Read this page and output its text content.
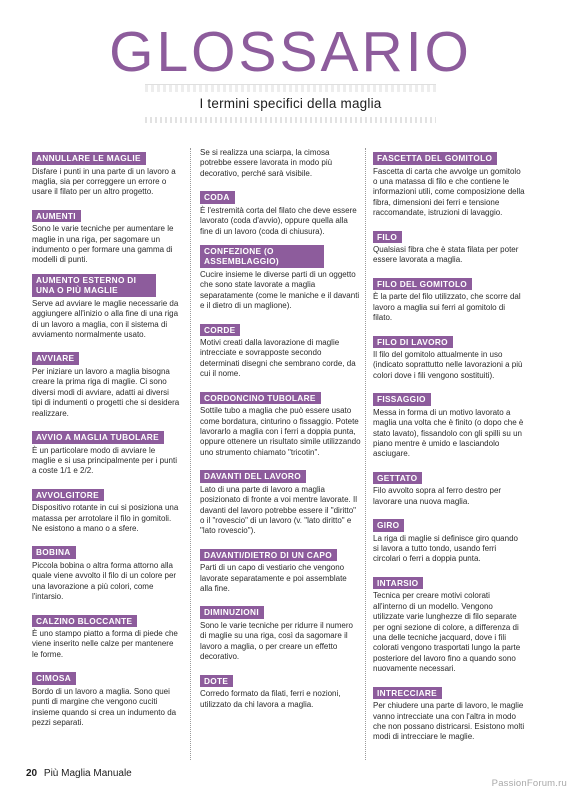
GLOSSARIO
I termini specifici della maglia
ANNULLARE LE MAGLIE
Disfare i punti in una parte di un lavoro a maglia, sia per correggere un errore o usare il filato per un altro progetto.
AUMENTI
Sono le varie tecniche per aumentare le maglie in una riga, per sagomare un indumento o per formare una gamma di modelli di punti.
AUMENTO ESTERNO DI UNA O PIÙ MAGLIE
Serve ad avviare le maglie necessarie da aggiungere all'inizio o alla fine di una riga di un lavoro a maglia, con il sistema di avviamento normalmente usato.
AVVIARE
Per iniziare un lavoro a maglia bisogna creare la prima riga di maglie. Ci sono diversi modi di avviare, adatti ai diversi tipi di indumenti o progetti che si desidera realizzare.
AVVIO A MAGLIA TUBOLARE
È un particolare modo di avviare le maglie e si usa principalmente per i punti a coste 1/1 e 2/2.
AVVOLGITORE
Dispositivo rotante in cui si posiziona una matassa per arrotolare il filo in gomitoli. Ne esistono a mano o a sfere.
BOBINA
Piccola bobina o altra forma attorno alla quale viene avvolto il filo di un colore per una lavorazione a più colori, come l'intarsio.
CALZINO BLOCCANTE
È uno stampo piatto a forma di piede che viene inserito nelle calze per mantenere le forme.
CIMOSA
Bordo di un lavoro a maglia. Sono quei punti di margine che vengono cuciti insieme quando si crea un indumento da pezzi separati.
Se si realizza una sciarpa, la cimosa potrebbe essere lavorata in modo più decorativo, perché sarà visibile.
CODA
È l'estremità corta del filato che deve essere lavorato (coda d'avvio), oppure quella alla fine di un lavoro (coda di chiusura).
CONFEZIONE (O ASSEMBLAGGIO)
Cucire insieme le diverse parti di un oggetto che sono state lavorate a maglia separatamente (come le maniche e il davanti e il dietro di un maglione).
CORDE
Motivi creati dalla lavorazione di maglie intrecciate e sovrapposte secondo determinati disegni che sembrano corde, da cui il nome.
CORDONCINO TUBOLARE
Sottile tubo a maglia che può essere usato come bordatura, cinturino o fissaggio. Potete lavorarlo a maglia con i ferri a doppia punta, oppure ottenere un risultato simile utilizzando uno strumento chiamato "tricotin".
DAVANTI DEL LAVORO
Lato di una parte di lavoro a maglia posizionato di fronte a voi mentre lavorate. Il davanti del lavoro potrebbe essere il "diritto" o il "rovescio" di un lavoro (v. "lato diritto" e "lato rovescio").
DAVANTI/DIETRO DI UN CAPO
Parti di un capo di vestiario che vengono lavorate separatamente e poi assemblate alla fine.
DIMINUZIONI
Sono le varie tecniche per ridurre il numero di maglie su una riga, così da sagomare il lavoro a maglia, o per creare un effetto decorativo.
DOTE
Corredo formato da filati, ferri e nozioni, utilizzato da chi lavora a maglia.
FASCETTA DEL GOMITOLO
Fascetta di carta che avvolge un gomitolo o una matassa di filo e che contiene le informazioni utili, come composizione della fibra, dimensioni dei ferri e tensione raccomandate, istruzioni di lavaggio.
FILO
Qualsiasi fibra che è stata filata per poter essere lavorata a maglia.
FILO DEL GOMITOLO
È la parte del filo utilizzato, che scorre dal lavoro a maglia sui ferri al gomitolo di filato.
FILO DI LAVORO
Il filo del gomitolo attualmente in uso (indicato soprattutto nelle lavorazioni a più colori dove i fili vengono sostituiti).
FISSAGGIO
Messa in forma di un motivo lavorato a maglia una volta che è finito (o dopo che è stato lavato), fissandolo con gli spilli su un piano mentre è umido e lasciandolo asciugare.
GETTATO
Filo avvolto sopra al ferro destro per lavorare una nuova maglia.
GIRO
La riga di maglie si definisce giro quando si lavora a tutto tondo, usando ferri circolari o ferri a doppia punta.
INTARSIO
Tecnica per creare motivi colorati all'interno di un modello. Vengono utilizzate varie lunghezze di filo separate per ogni sezione di colore, a differenza di una delle tecniche jacquard, dove i fili colorati vengono trasportati lungo la parte posteriore del lavoro fino a quando sono nuovamente necessari.
INTRECCIARE
Per chiudere una parte di lavoro, le maglie vanno intrecciate una con l'altra in modo che non possano districarsi. Esistono molti modi di intrecciare le maglie.
20 Più Maglia Manuale
PassionForum.ru
